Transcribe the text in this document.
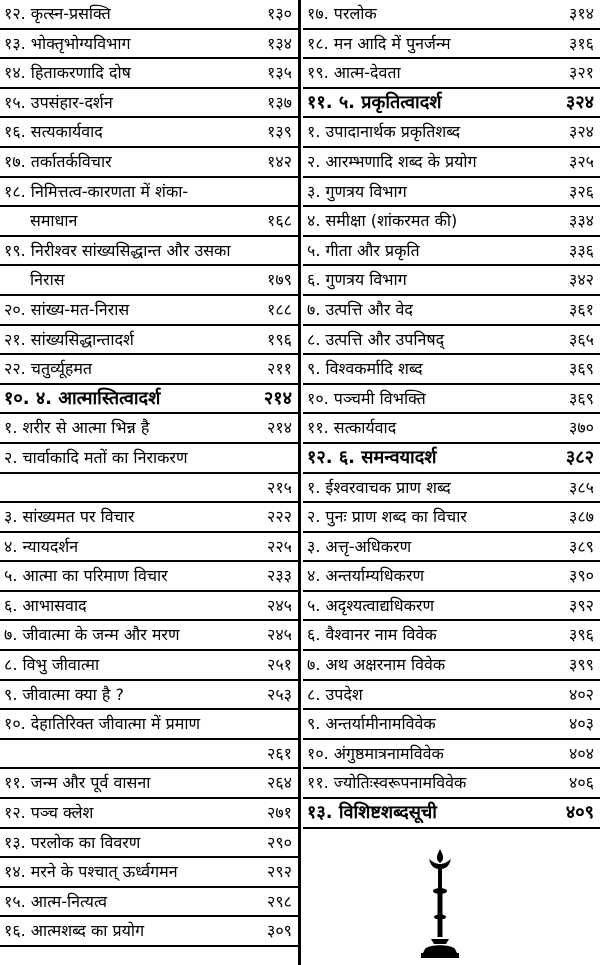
१२. कृत्स्न-प्रसक्ति	१३०
१३. भोक्तृभोग्यविभाग	१३४
१४. हिताकरणादि दोष	१३५
१५. उपसंहार-दर्शन	१३७
१६. सत्यकार्यवाद	१३९
१७. तर्कातर्कविचार	१४२
१८. निमित्तत्व-कारणता में शंका-
समाधान	१६८
१९. निरीश्वर सांख्यसिद्धान्त और उसका
निरास	१७९
२०. सांख्य-मत-निरास	१८८
२१. सांख्यसिद्धान्तादर्श	१९६
२२. चतुर्व्यूहमत	२११
१०. ४. आत्मास्तित्वादर्श	२१४
१. शरीर से आत्मा भिन्न है	२१४
२. चार्वाकादि मतों का निराकरण
२१५
३. सांख्यमत पर विचार	२२२
४. न्यायदर्शन	२२५
५. आत्मा का परिमाण विचार	२३३
६. आभासवाद	२४५
७. जीवात्मा के जन्म और मरण	२४५
८. विभु जीवात्मा	२५१
९. जीवात्मा क्या है ?	२५३
१०. देहातिरिक्त जीवात्मा में प्रमाण
२६१
११. जन्म और पूर्व वासना	२६४
१२. पञ्च क्लेश	२७१
१३. परलोक का विवरण	२९०
१४. मरने के पश्चात् ऊर्ध्वगमन	२९२
१५. आत्म-नित्यत्व	२९८
१६. आत्मशब्द का प्रयोग	३०९
१७. परलोक	३१४
१८. मन आदि में पुनर्जन्म	३१६
१९. आत्म-देवता	३२१
११. ५. प्रकृतित्वादर्श	३२४
१. उपादानार्थक प्रकृतिशब्द	३२४
२. आरम्भणादि शब्द के प्रयोग	३२५
३. गुणत्रय विभाग	३२६
४. समीक्षा (शांकरमत की)	३३४
५. गीता और प्रकृति	३३६
६. गुणत्रय विभाग	३४२
७. उत्पत्ति और वेद	३६१
८. उत्पत्ति और उपनिषद्	३६५
९. विश्वकर्मादि शब्द	३६९
१०. पञ्चमी विभक्ति	३६९
११. सत्कार्यवाद	३७०
१२. ६. समन्वयादर्श	३८२
१. ईश्वरवाचक प्राण शब्द	३८५
२. पुनः प्राण शब्द का विचार	३८७
३. अत्तृ-अधिकरण	३८९
४. अन्तर्याम्यधिकरण	३९०
५. अदृश्यत्वाद्यधिकरण	३९२
६. वैश्वानर नाम विवेक	३९६
७. अथ अक्षरनाम विवेक	३९९
८. उपदेश	४०२
९. अन्तर्यामीनामविवेक	४०३
१०. अंगुष्ठमात्रनामविवेक	४०४
११. ज्योतिःस्वरूपनामविवेक	४०६
१३. विशिष्टशब्दसूची	४०९
